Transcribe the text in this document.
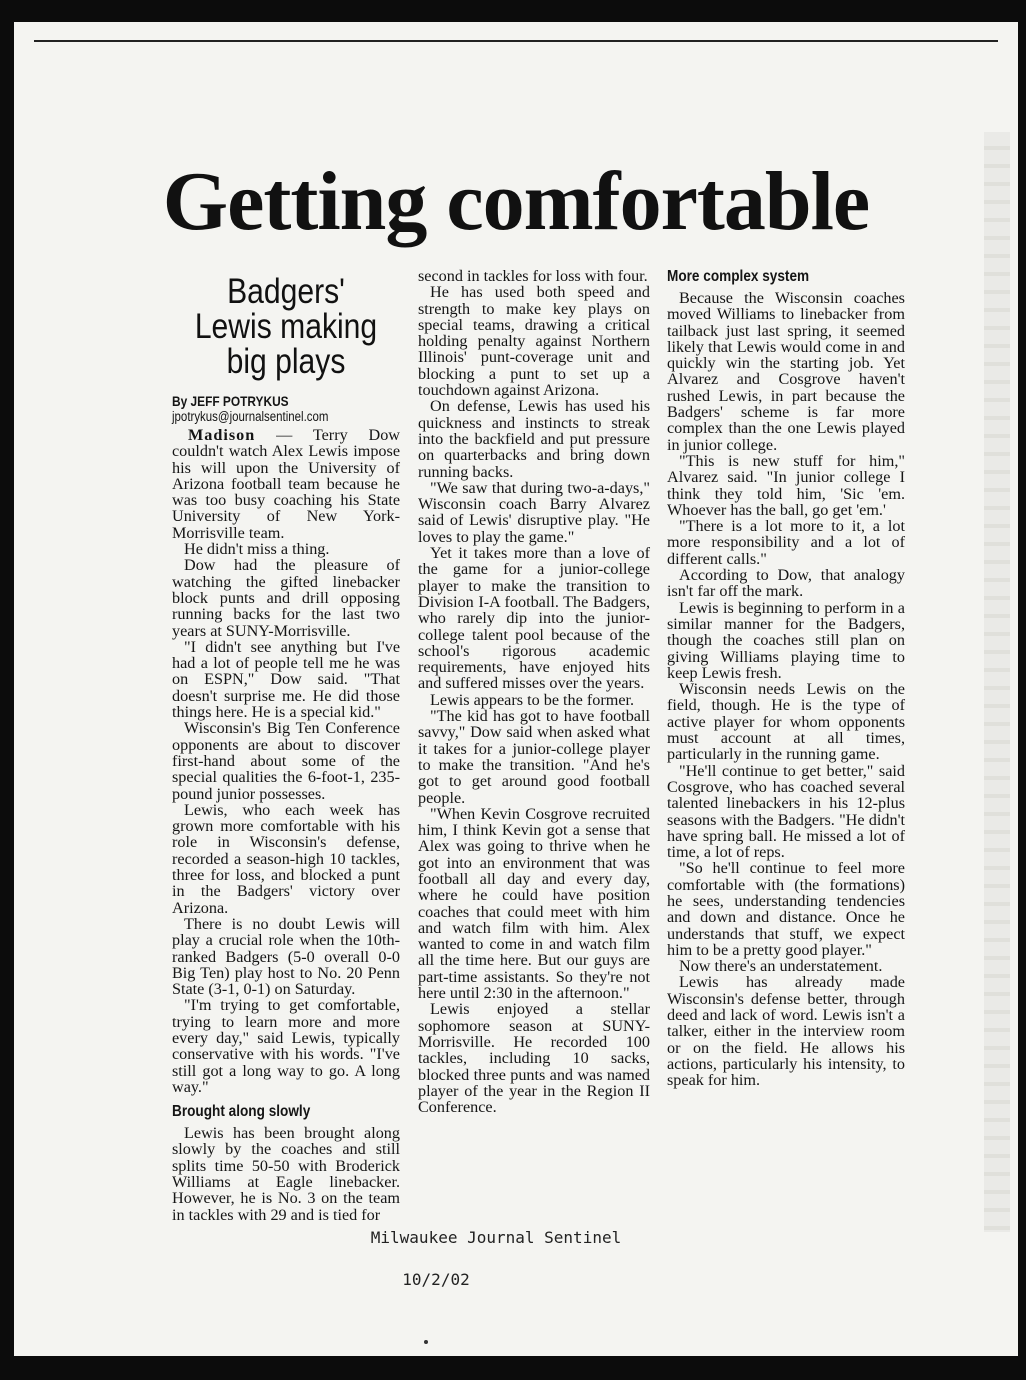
Getting comfortable
Badgers' Lewis making big plays
By JEFF POTRYKUS
jpotrykus@journalsentinel.com

Madison — Terry Dow couldn't watch Alex Lewis impose his will upon the University of Arizona football team because he was too busy coaching his State University of New York-Morrisville team.

He didn't miss a thing.

Dow had the pleasure of watching the gifted linebacker block punts and drill opposing running backs for the last two years at SUNY-Morrisville.

"I didn't see anything but I've had a lot of people tell me he was on ESPN," Dow said. "That doesn't surprise me. He did those things here. He is a special kid."

Wisconsin's Big Ten Conference opponents are about to discover first-hand about some of the special qualities the 6-foot-1, 235-pound junior possesses.

Lewis, who each week has grown more comfortable with his role in Wisconsin's defense, recorded a season-high 10 tackles, three for loss, and blocked a punt in the Badgers' victory over Arizona.

There is no doubt Lewis will play a crucial role when the 10th-ranked Badgers (5-0 overall 0-0 Big Ten) play host to No. 20 Penn State (3-1, 0-1) on Saturday.

"I'm trying to get comfortable, trying to learn more and more every day," said Lewis, typically conservative with his words. "I've still got a long way to go. A long way."

Brought along slowly

Lewis has been brought along slowly by the coaches and still splits time 50-50 with Broderick Williams at Eagle linebacker. However, he is No. 3 on the team in tackles with 29 and is tied for

second in tackles for loss with four.

He has used both speed and strength to make key plays on special teams, drawing a critical holding penalty against Northern Illinois' punt-coverage unit and blocking a punt to set up a touchdown against Arizona.

On defense, Lewis has used his quickness and instincts to streak into the backfield and put pressure on quarterbacks and bring down running backs.

"We saw that during two-a-days," Wisconsin coach Barry Alvarez said of Lewis' disruptive play. "He loves to play the game."

Yet it takes more than a love of the game for a junior-college player to make the transition to Division I-A football. The Badgers, who rarely dip into the junior-college talent pool because of the school's rigorous academic requirements, have enjoyed hits and suffered misses over the years.

Lewis appears to be the former.

"The kid has got to have football savvy," Dow said when asked what it takes for a junior-college player to make the transition. "And he's got to get around good football people.

"When Kevin Cosgrove recruited him, I think Kevin got a sense that Alex was going to thrive when he got into an environment that was football all day and every day, where he could have position coaches that could meet with him and watch film with him. Alex wanted to come in and watch film all the time here. But our guys are part-time assistants. So they're not here until 2:30 in the afternoon."

Lewis enjoyed a stellar sophomore season at SUNY-Morrisville. He recorded 100 tackles, including 10 sacks, blocked three punts and was named player of the year in the Region II Conference.

More complex system

Because the Wisconsin coaches moved Williams to linebacker from tailback just last spring, it seemed likely that Lewis would come in and quickly win the starting job. Yet Alvarez and Cosgrove haven't rushed Lewis, in part because the Badgers' scheme is far more complex than the one Lewis played in junior college.

"This is new stuff for him," Alvarez said. "In junior college I think they told him, 'Sic 'em. Whoever has the ball, go get 'em.'

"There is a lot more to it, a lot more responsibility and a lot of different calls."

According to Dow, that analogy isn't far off the mark.

Lewis is beginning to perform in a similar manner for the Badgers, though the coaches still plan on giving Williams playing time to keep Lewis fresh.

Wisconsin needs Lewis on the field, though. He is the type of active player for whom opponents must account at all times, particularly in the running game.

"He'll continue to get better," said Cosgrove, who has coached several talented linebackers in his 12-plus seasons with the Badgers. "He didn't have spring ball. He missed a lot of time, a lot of reps.

"So he'll continue to feel more comfortable with (the formations) he sees, understanding tendencies and down and distance. Once he understands that stuff, we expect him to be a pretty good player."

Now there's an understatement.

Lewis has already made Wisconsin's defense better, through deed and lack of word. Lewis isn't a talker, either in the interview room or on the field. He allows his actions, particularly his intensity, to speak for him.

Milwaukee Journal Sentinel
10/2/02
